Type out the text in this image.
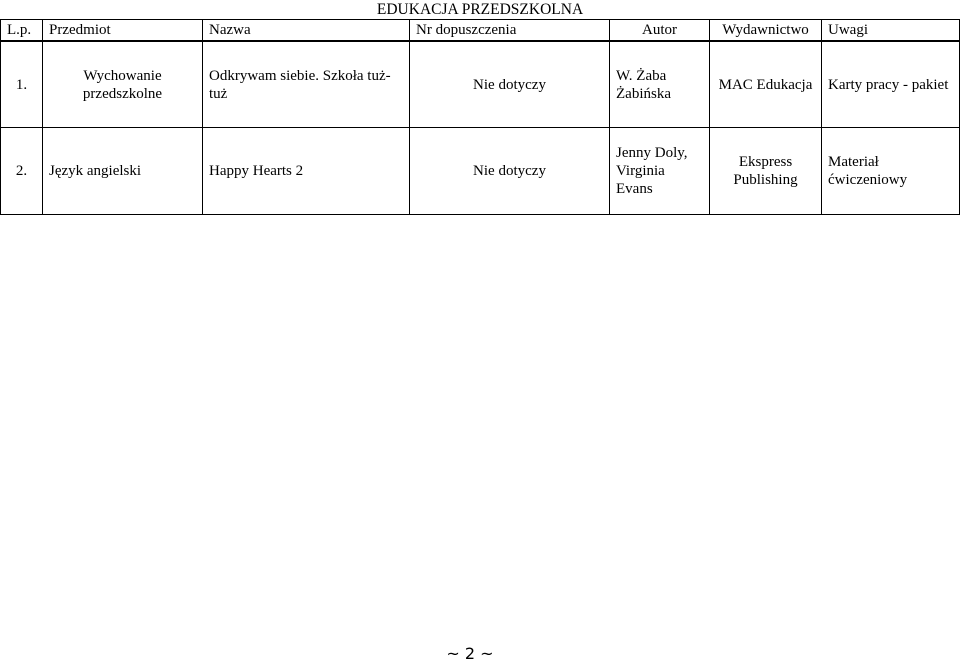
EDUKACJA PRZEDSZKOLNA						
L.p.	Przedmiot	Nazwa	Nr dopuszczenia	Autor	Wydawnictwo	Uwagi
1.	Wychowanie przedszkolne	Odkrywam siebie. Szkoła tuż-tuż	Nie dotyczy	W. Żaba Żabińska	MAC Edukacja	Karty pracy - pakiet
2.	Język angielski	Happy Hearts 2	Nie dotyczy	Jenny Doly, Virginia Evans	Ekspress Publishing	Materiał ćwiczeniowy
~ 2 ~
